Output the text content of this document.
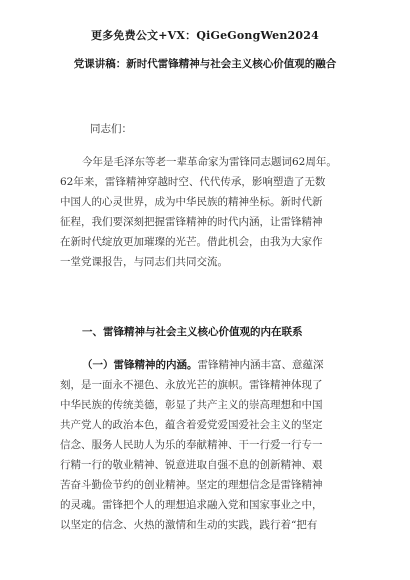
更多免费公文+VX：QiGeGongWen2024
党课讲稿：新时代雷锋精神与社会主义核心价值观的融合
同志们：
今年是毛泽东等老一辈革命家为雷锋同志题词62周年。
62年来，雷锋精神穿越时空、代代传承，影响塑造了无数
中国人的心灵世界，成为中华民族的精神坐标。新时代新
征程，我们要深刻把握雷锋精神的时代内涵，让雷锋精神
在新时代绽放更加璀璨的光芒。借此机会，由我为大家作
一堂党课报告，与同志们共同交流。
一、雷锋精神与社会主义核心价值观的内在联系
（一）雷锋精神的内涵。雷锋精神内涵丰富、意蕴深
刻，是一面永不褪色、永放光芒的旗帜。雷锋精神体现了
中华民族的传统美德，彰显了共产主义的崇高理想和中国
共产党人的政治本色，蕴含着爱党爱国爱社会主义的坚定
信念、服务人民助人为乐的奉献精神、干一行爱一行专一
行精一行的敬业精神、锐意进取自强不息的创新精神、艰
苦奋斗勤俭节约的创业精神。坚定的理想信念是雷锋精神
的灵魂。雷锋把个人的理想追求融入党和国家事业之中，
以坚定的信念、火热的激情和生动的实践，践行着“把有
